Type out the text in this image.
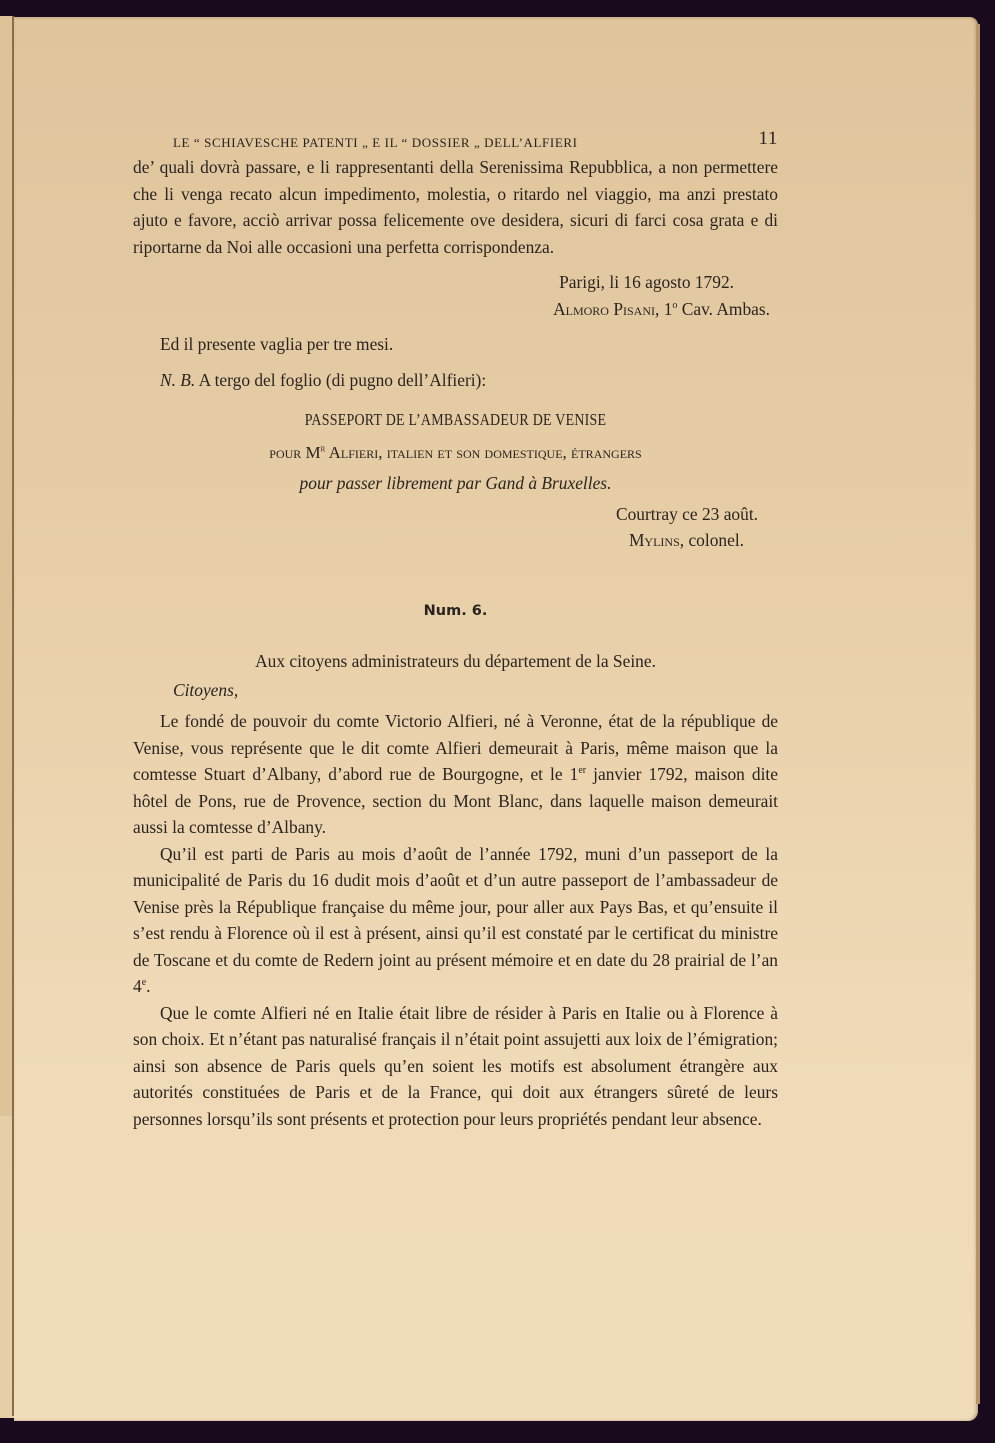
LE “ SCHIAVESCHE PATENTI „ E IL “ DOSSIER „ DELL’ALFIERI	11

de’ quali dovrà passare, e li rappresentanti della Serenissima Repubblica, a non permettere che li venga recato alcun impedimento, molestia, o ritardo nel viaggio, ma anzi prestato ajuto e favore, acciò arrivar possa felicemente ove desidera, sicuri di farci cosa grata e di riportarne da Noi alle occasioni una perfetta corrispondenza.

Parigi, li 16 agosto 1792.

Almoro Pisani, 1$^o$ Cav. Ambas.

Ed il presente vaglia per tre mesi.

N. B. A tergo del foglio (di pugno dell’Alfieri):

PASSEPORT DE L’AMBASSADEUR DE VENISE
pour $M^r$ Alfieri, italien et son domestique, étrangers

pour passer librement par Gand à Bruxelles.

Courtray ce 23 août.

Mylins, colonel.

Num. 6.

Aux citoyens administrateurs du département de la Seine.

Citoyens,

Le fondé de pouvoir du comte Victorio Alfieri, né à Veronne, état de la république de Venise, vous représente que le dit comte Alfieri demeurait à Paris, même maison que la comtesse Stuart d’Albany, d’abord rue de Bourgogne, et le 1er janvier 1792, maison dite hôtel de Pons, rue de Provence, section du Mont Blanc, dans laquelle maison demeurait aussi la comtesse d’Albany.

Qu’il est parti de Paris au mois d’août de l’année 1792, muni d’un passeport de la municipalité de Paris du 16 dudit mois d’août et d’un autre passeport de l’ambassadeur de Venise près la République française du même jour, pour aller aux Pays Bas, et qu’ensuite il s’est rendu à Florence où il est à présent, ainsi qu’il est constaté par le certificat du ministre de Toscane et du comte de Redern joint au présent mémoire et en date du 28 prairial de l’an 4e.

Que le comte Alfieri né en Italie était libre de résider à Paris en Italie ou à Florence à son choix. Et n’étant pas naturalisé français il n’était point assujetti aux loix de l’émigration; ainsi son absence de Paris quels qu’en soient les motifs est absolument étrangère aux autorités constituées de Paris et de la France, qui doit aux étrangers sûreté de leurs personnes lorsqu’ils sont présents et protection pour leurs propriétés pendant leur absence.
